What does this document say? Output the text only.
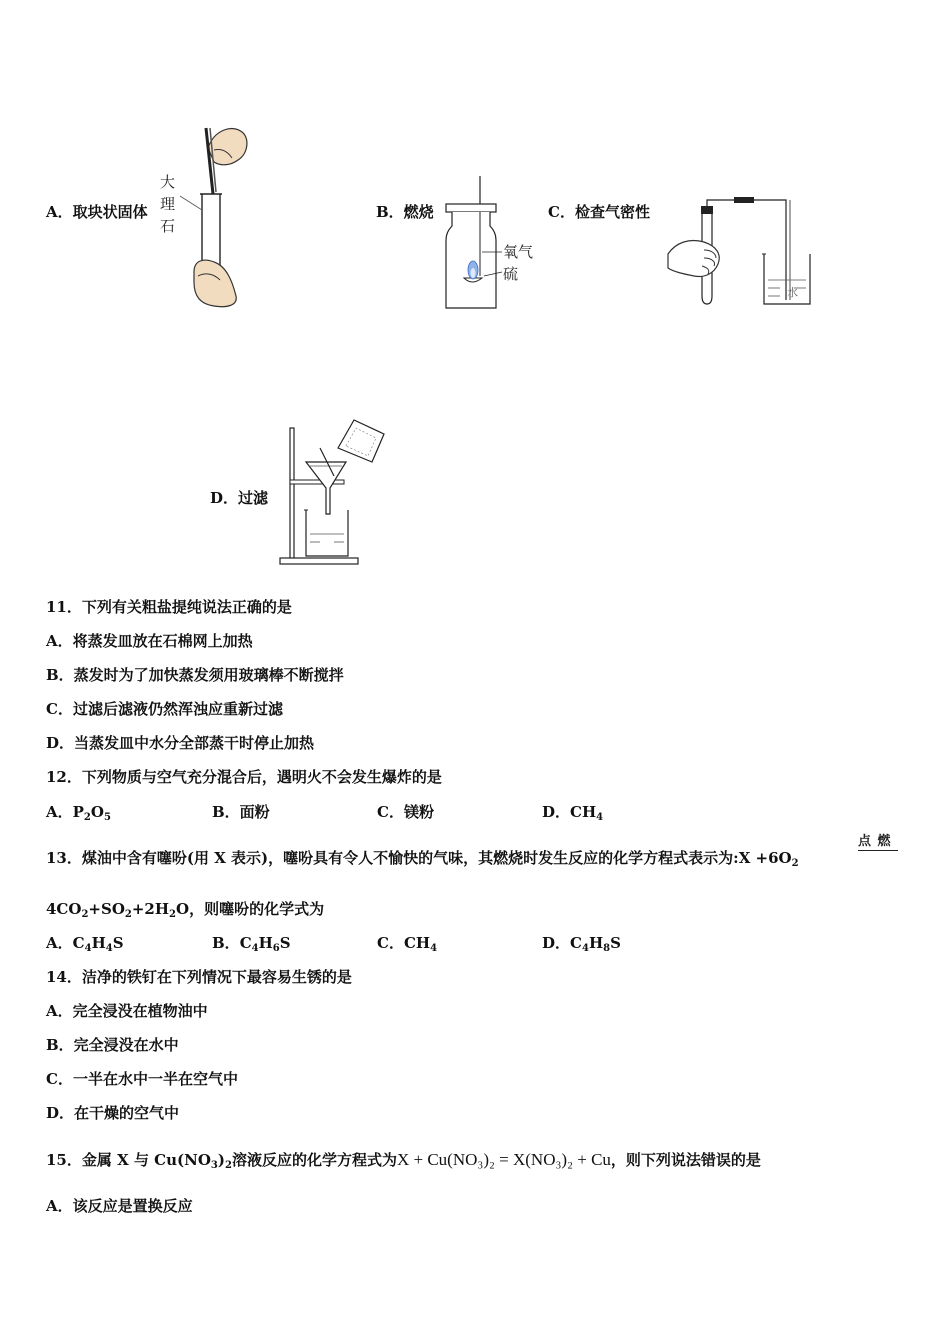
A．取块状固体
大
理
石
B．燃烧
氧气
硫
C．检查气密性
水
D．过滤
11．下列有关粗盐提纯说法正确的是
A．将蒸发皿放在石棉网上加热
B．蒸发时为了加快蒸发须用玻璃棒不断搅拌
C．过滤后滤液仍然浑浊应重新过滤
D．当蒸发皿中水分全部蒸干时停止加热
12．下列物质与空气充分混合后，遇明火不会发生爆炸的是
A．$P_2O_5$	B．面粉	C．镁粉	D．$CH_4$
13．煤油中含有噻吩(用 X 表示)，噻吩具有令人不愉快的气味，其燃烧时发生反应的化学方程式表示为:X $+6O_2$
点 燃
$4CO_2+SO_2+2H_2O$，则噻吩的化学式为
A．$C_4H_4S$	B．$C_4H_6S$	C．$CH_4$	D．$C_4H_8S$
14．洁净的铁钉在下列情况下最容易生锈的是
A．完全浸没在植物油中
B．完全浸没在水中
C．一半在水中一半在空气中
D．在干燥的空气中
15．金属 X 与 $Cu(NO_3)_2$溶液反应的化学方程式为X + Cu(NO₃)₂ = X(NO₃)₂ + Cu，则下列说法错误的是
A．该反应是置换反应
